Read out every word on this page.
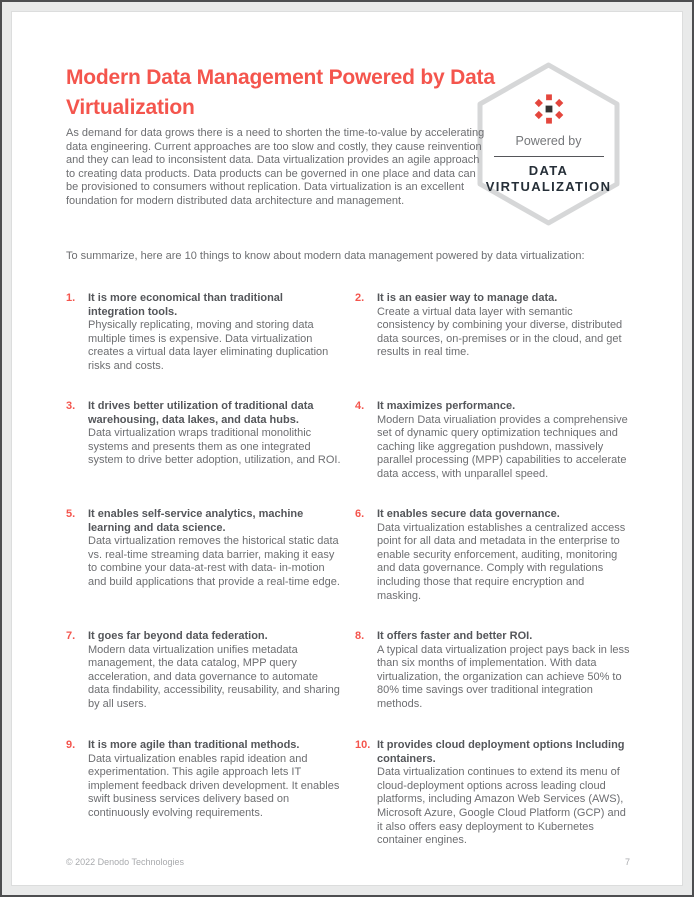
Modern Data Management Powered by Data Virtualization
Powered by
DATA
VIRTUALIZATION

As demand for data grows there is a need to shorten the time-to-value by accelerating data engineering. Current approaches are too slow and costly, they cause reinvention and they can lead to inconsistent data. Data virtualization provides an agile approach to creating data products. Data products can be governed in one place and data can be provisioned to consumers without replication. Data virtualization is an excellent foundation for modern distributed data architecture and management.

To summarize, here are 10 things to know about modern data management powered by data virtualization:

1.	It is more economical than traditional integration tools.
Physically replicating, moving and storing data multiple times is expensive. Data virtualization creates a virtual data layer eliminating duplication risks and costs.
2.	It is an easier way to manage data.
Create a virtual data layer with semantic consistency by combining your diverse, distributed data sources, on-premises or in the cloud, and get results in real time.
3.	It drives better utilization of traditional data warehousing, data lakes, and data hubs.
Data virtualization wraps traditional monolithic systems and presents them as one integrated system to drive better adoption, utilization, and ROI.
4.	It maximizes performance.
Modern Data virualiation provides a comprehensive set of dynamic query optimization techniques and caching like aggregation pushdown, massively parallel processing (MPP) capabilities to accelerate data access, with unparallel speed.
5.	It enables self-service analytics, machine learning and data science.
Data virtualization removes the historical static data vs. real-time streaming data barrier, making it easy to combine your data-at-rest with data- in-motion and build applications that provide a real-time edge.
6.	It enables secure data governance.
Data virtualization establishes a centralized access point for all data and metadata in the enterprise to enable security enforcement, auditing, monitoring and data governance. Comply with regulations including those that require encryption and masking.
7.	It goes far beyond data federation.
Modern data virtualization unifies metadata management, the data catalog, MPP query acceleration, and data governance to automate data findability, accessibility, reusability, and sharing by all users.
8.	It offers faster and better ROI.
A typical data virtualization project pays back in less than six months of implementation. With data virtualization, the organization can achieve 50% to 80% time savings over traditional integration methods.
9.	It is more agile than traditional methods.
Data virtualization enables rapid ideation and experimentation. This agile approach lets IT implement feedback driven development. It enables swift business services delivery based on continuously evolving requirements.
10. It provides cloud deployment options Including containers.
Data virtualization continues to extend its menu of cloud-deployment options across leading cloud platforms, including Amazon Web Services (AWS), Microsoft Azure, Google Cloud Platform (GCP) and it also offers easy deployment to Kubernetes container engines.
© 2022 Denodo Technologies	7
